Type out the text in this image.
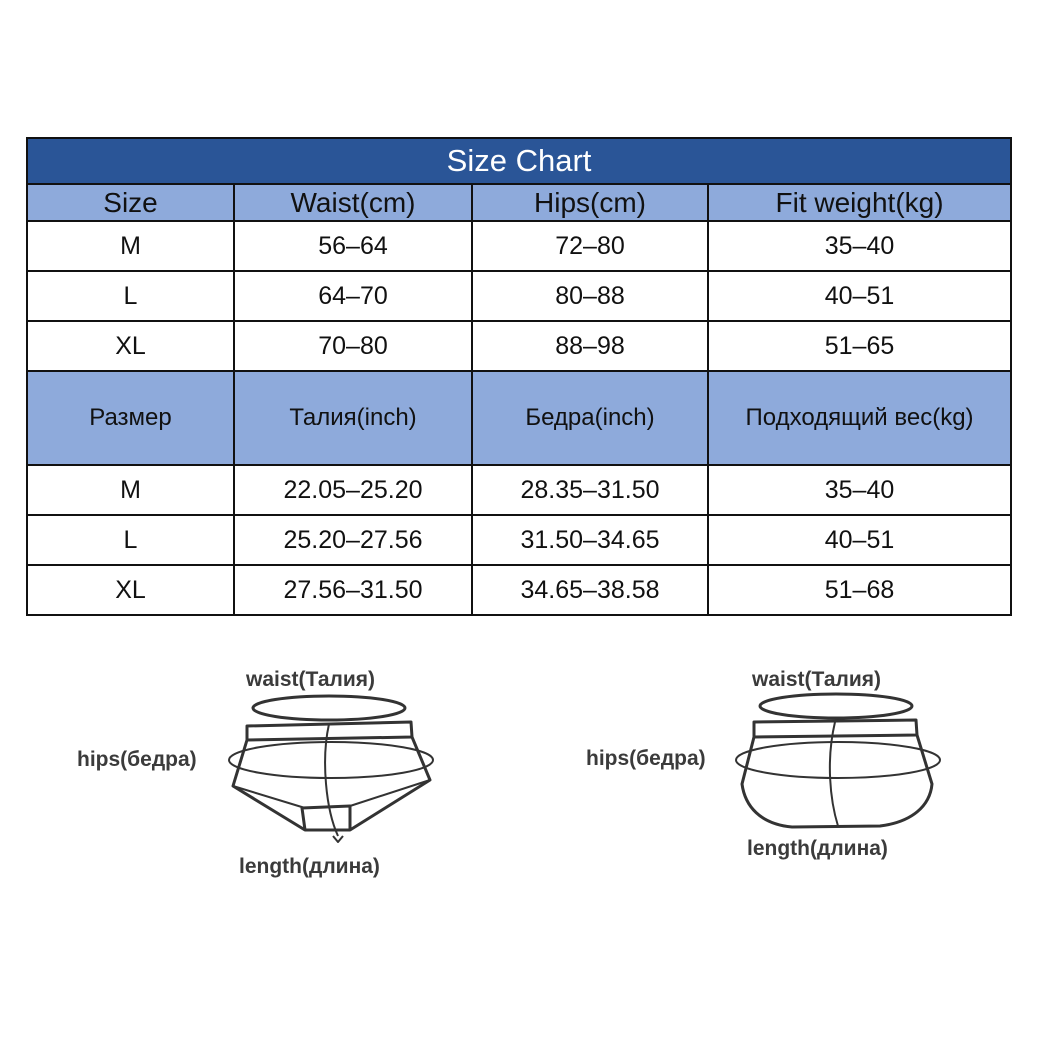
Size Chart			
Size	Waist(cm)	Hips(cm)	Fit weight(kg)
M	56–64	72–80	35–40
L	64–70	80–88	40–51
XL	70–80	88–98	51–65
Размер	Талия(inch)	Бедра(inch)	Подходящий вес(kg)
M	22.05–25.20	28.35–31.50	35–40
L	25.20–27.56	31.50–34.65	40–51
XL	27.56–31.50	34.65–38.58	51–68
waist(Талия)
hips(бедра)
length(длина)
waist(Талия)
hips(бедра)
length(длина)
